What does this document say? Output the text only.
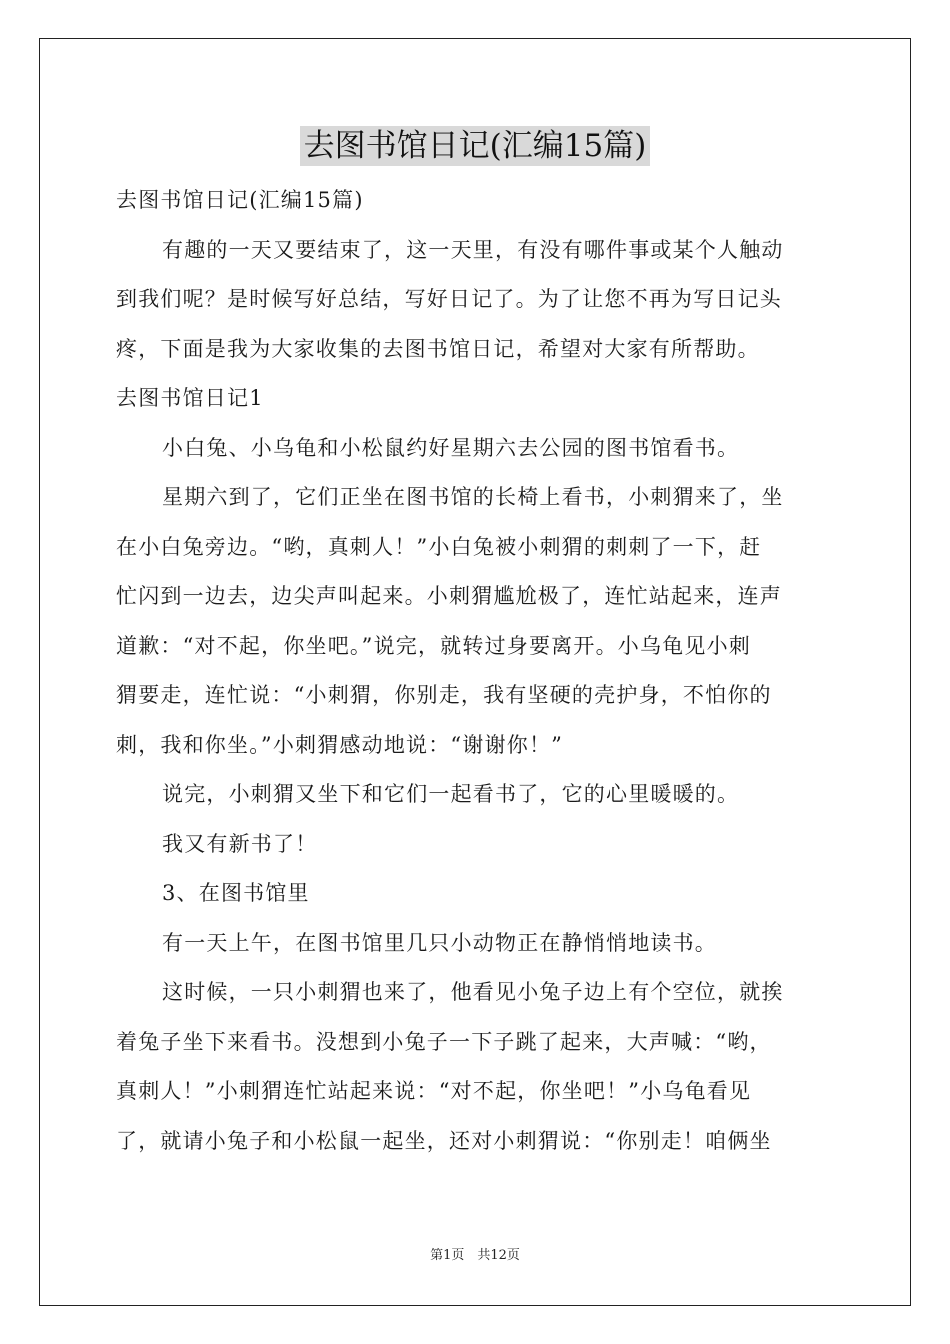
去图书馆日记(汇编15篇)
去图书馆日记(汇编15篇)
有趣的一天又要结束了，这一天里，有没有哪件事或某个人触动
到我们呢？是时候写好总结，写好日记了。为了让您不再为写日记头
疼，下面是我为大家收集的去图书馆日记，希望对大家有所帮助。
去图书馆日记1
小白兔、小乌龟和小松鼠约好星期六去公园的图书馆看书。
星期六到了，它们正坐在图书馆的长椅上看书，小刺猬来了，坐
在小白兔旁边。“哟，真刺人！”小白兔被小刺猬的刺刺了一下，赶
忙闪到一边去，边尖声叫起来。小刺猬尴尬极了，连忙站起来，连声
道歉：“对不起，你坐吧。”说完，就转过身要离开。小乌龟见小刺
猬要走，连忙说：“小刺猬，你别走，我有坚硬的壳护身，不怕你的
刺，我和你坐。”小刺猬感动地说：“谢谢你！”
说完，小刺猬又坐下和它们一起看书了，它的心里暖暖的。
我又有新书了！
3、在图书馆里
有一天上午，在图书馆里几只小动物正在静悄悄地读书。
这时候，一只小刺猬也来了，他看见小兔子边上有个空位，就挨
着兔子坐下来看书。没想到小兔子一下子跳了起来，大声喊：“哟，
真刺人！”小刺猬连忙站起来说：“对不起，你坐吧！”小乌龟看见
了，就请小兔子和小松鼠一起坐，还对小刺猬说：“你别走！咱俩坐
第1页　共12页
